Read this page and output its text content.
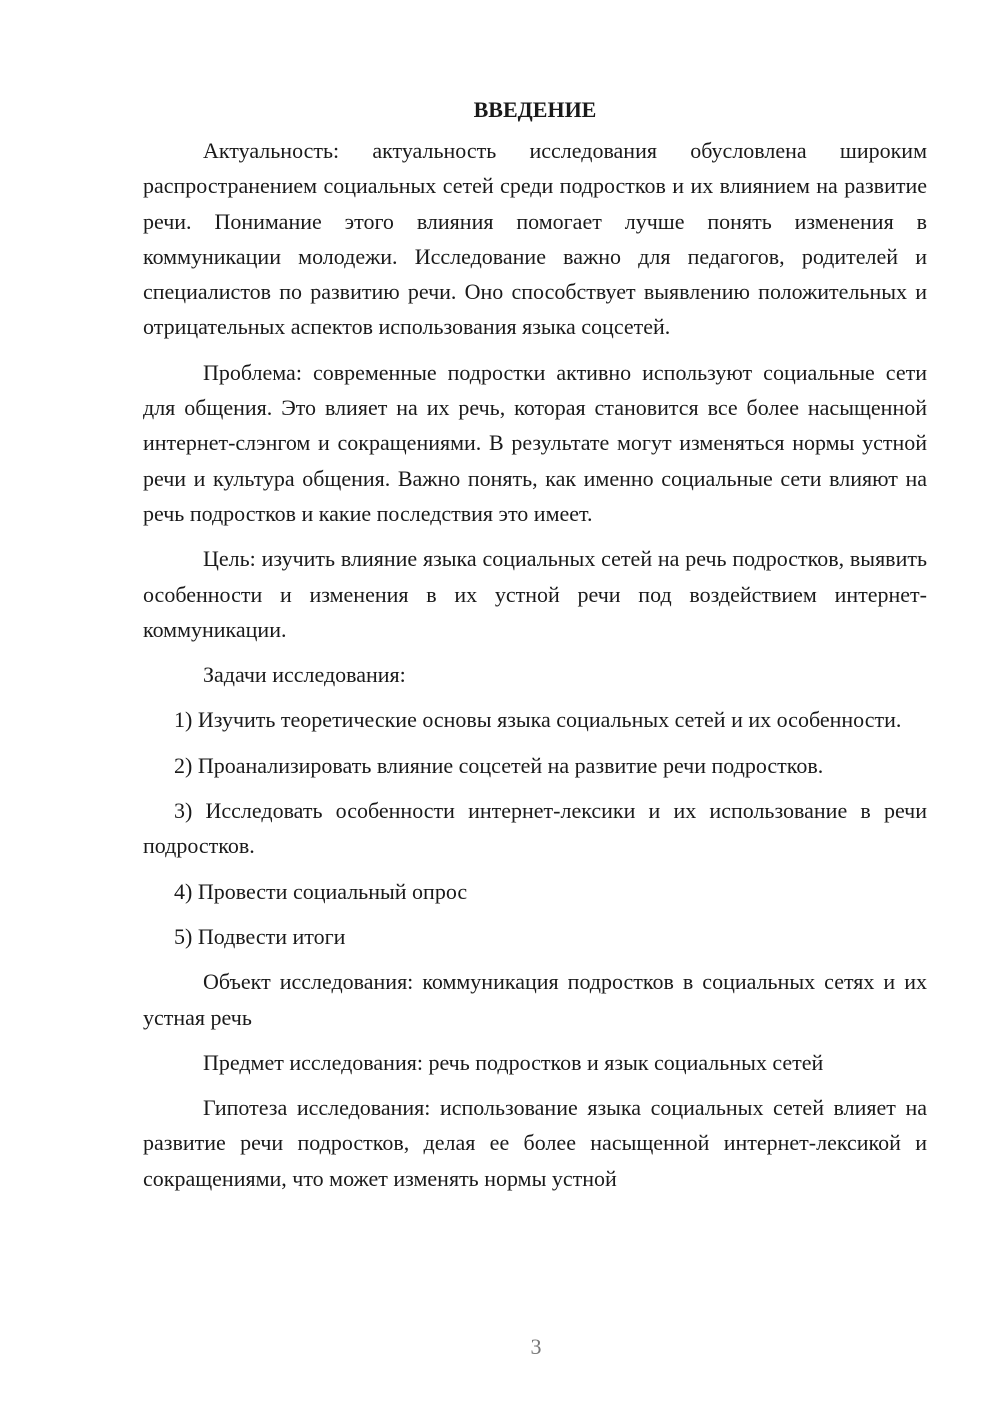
ВВЕДЕНИЕ

Актуальность: актуальность исследования обусловлена широким распространением социальных сетей среди подростков и их влиянием на развитие речи. Понимание этого влияния помогает лучше понять изменения в коммуникации молодежи. Исследование важно для педагогов, родителей и специалистов по развитию речи. Оно способствует выявлению положительных и отрицательных аспектов использования языка соцсетей.

Проблема: современные подростки активно используют социальные сети для общения. Это влияет на их речь, которая становится все более насыщенной интернет-слэнгом и сокращениями. В результате могут изменяться нормы устной речи и культура общения. Важно понять, как именно социальные сети влияют на речь подростков и какие последствия это имеет.

Цель: изучить влияние языка социальных сетей на речь подростков, выявить особенности и изменения в их устной речи под воздействием интернет-коммуникации.

Задачи исследования:

1) Изучить теоретические основы языка социальных сетей и их особенности.

2) Проанализировать влияние соцсетей на развитие речи подростков.

3) Исследовать особенности интернет-лексики и их использование в речи подростков.

4) Провести социальный опрос

5) Подвести итоги

Объект исследования: коммуникация подростков в социальных сетях и их устная речь

Предмет исследования: речь подростков и язык социальных сетей

Гипотеза исследования: использование языка социальных сетей влияет на развитие речи подростков, делая ее более насыщенной интернет-лексикой и сокращениями, что может изменять нормы устной

3
